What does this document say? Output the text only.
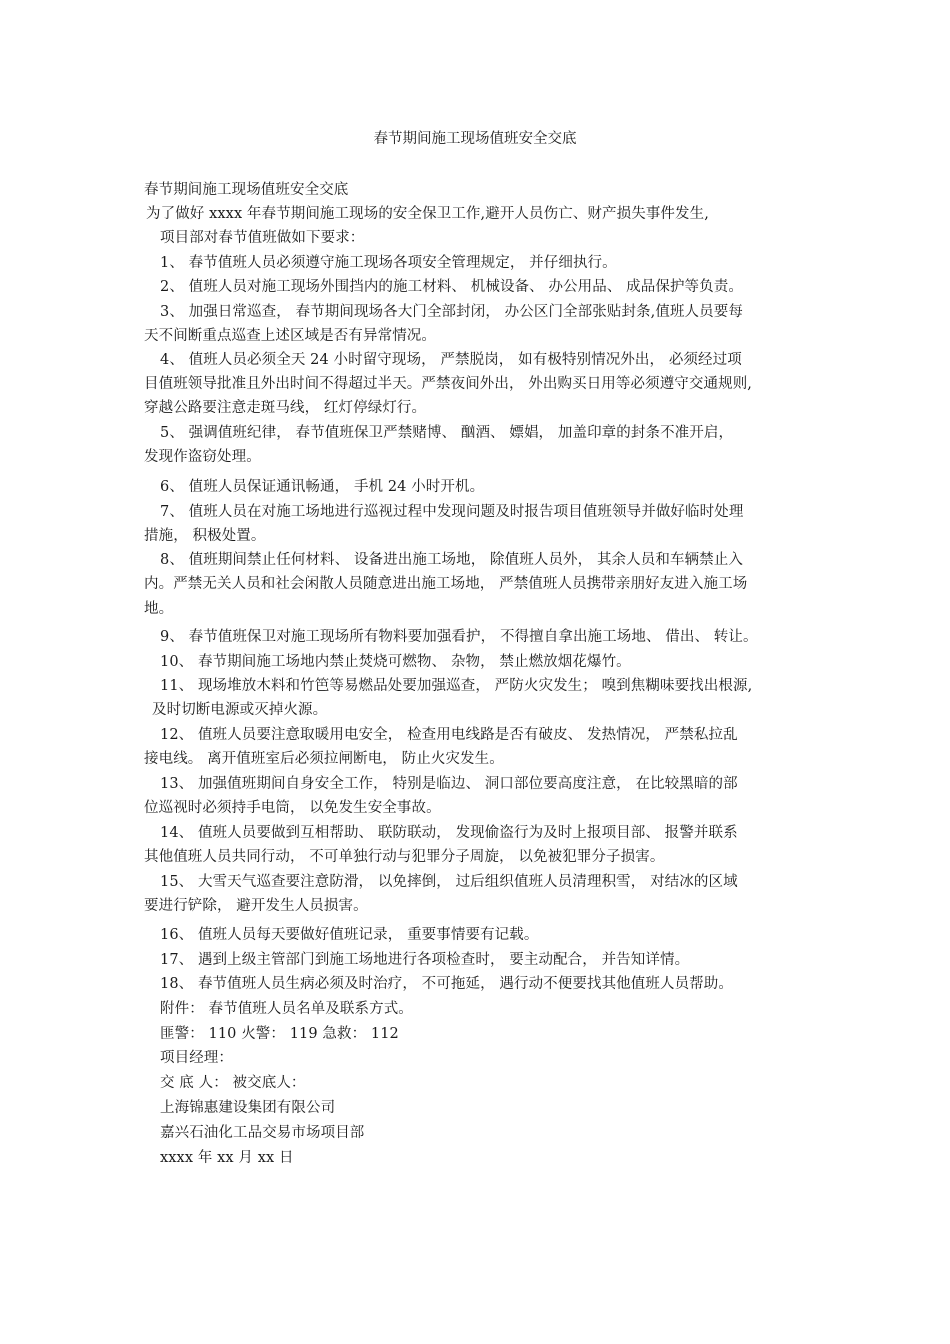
春节期间施工现场值班安全交底
春节期间施工现场值班安全交底
为了做好 xxxx 年春节期间施工现场的安全保卫工作,避开人员伤亡、财产损失事件发生,
项目部对春节值班做如下要求：
1、 春节值班人员必须遵守施工现场各项安全管理规定， 并仔细执行。
2、 值班人员对施工现场外围挡内的施工材料、 机械设备、 办公用品、 成品保护等负责。
3、 加强日常巡查， 春节期间现场各大门全部封闭， 办公区门全部张贴封条,值班人员要每
天不间断重点巡查上述区域是否有异常情况。
4、 值班人员必须全天 24 小时留守现场， 严禁脱岗， 如有极特别情况外出， 必须经过项
目值班领导批准且外出时间不得超过半天。严禁夜间外出， 外出购买日用等必须遵守交通规则,
穿越公路要注意走斑马线， 红灯停绿灯行。
5、 强调值班纪律， 春节值班保卫严禁赌博、 酗酒、 嫖娼， 加盖印章的封条不准开启，
发现作盗窃处理。
6、 值班人员保证通讯畅通， 手机 24 小时开机。
7、 值班人员在对施工场地进行巡视过程中发现问题及时报告项目值班领导并做好临时处理
措施， 积极处置。
8、 值班期间禁止任何材料、 设备进出施工场地， 除值班人员外， 其余人员和车辆禁止入
内。严禁无关人员和社会闲散人员随意进出施工场地， 严禁值班人员携带亲朋好友进入施工场
地。
9、 春节值班保卫对施工现场所有物料要加强看护， 不得擅自拿出施工场地、 借出、 转让。
10、 春节期间施工场地内禁止焚烧可燃物、 杂物， 禁止燃放烟花爆竹。
11、 现场堆放木料和竹笆等易燃品处要加强巡查， 严防火灾发生； 嗅到焦糊味要找出根源,
及时切断电源或灭掉火源。
12、 值班人员要注意取暖用电安全， 检查用电线路是否有破皮、 发热情况， 严禁私拉乱
接电线。 离开值班室后必须拉闸断电， 防止火灾发生。
13、 加强值班期间自身安全工作， 特别是临边、 洞口部位要高度注意， 在比较黑暗的部
位巡视时必须持手电筒， 以免发生安全事故。
14、 值班人员要做到互相帮助、 联防联动， 发现偷盗行为及时上报项目部、 报警并联系
其他值班人员共同行动， 不可单独行动与犯罪分子周旋， 以免被犯罪分子损害。
15、 大雪天气巡查要注意防滑， 以免摔倒， 过后组织值班人员清理积雪， 对结冰的区域
要进行铲除， 避开发生人员损害。
16、 值班人员每天要做好值班记录， 重要事情要有记载。
17、 遇到上级主管部门到施工场地进行各项检查时， 要主动配合， 并告知详情。
18、 春节值班人员生病必须及时治疗， 不可拖延， 遇行动不便要找其他值班人员帮助。
附件： 春节值班人员名单及联系方式。
匪警： 110 火警： 119 急救： 112
项目经理：
交 底 人： 被交底人：
上海锦惠建设集团有限公司
嘉兴石油化工品交易市场项目部
xxxx 年 xx 月 xx 日
